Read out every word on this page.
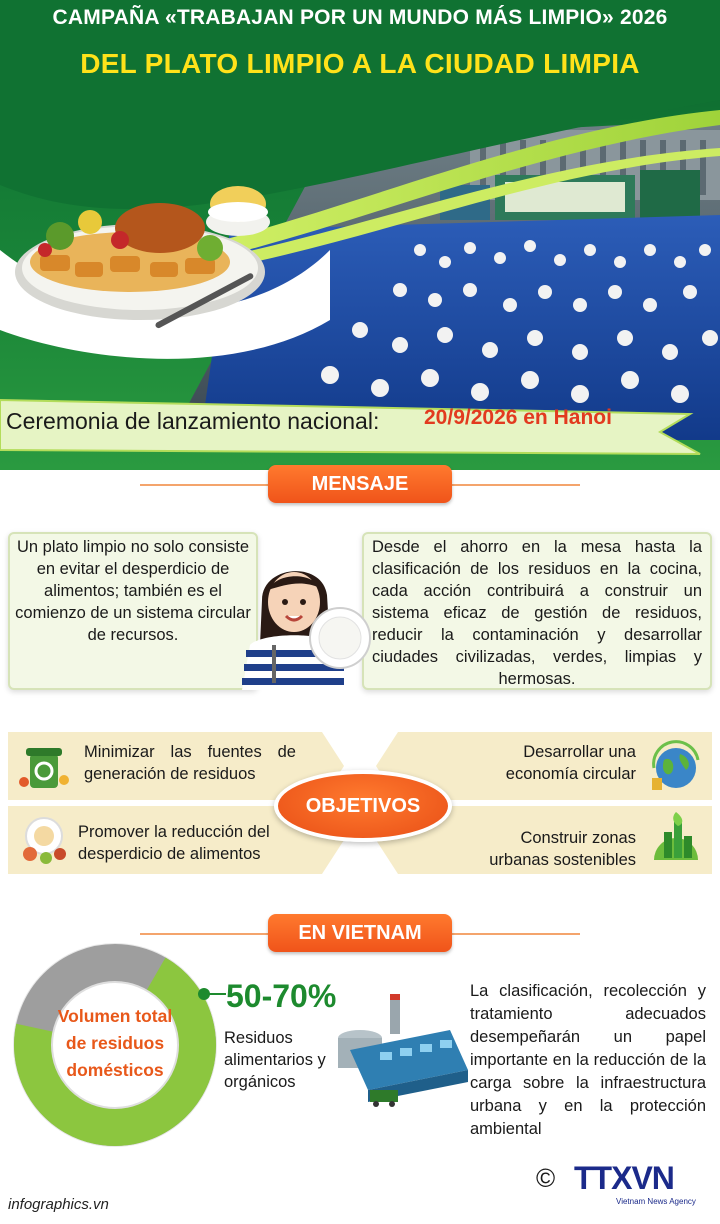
CAMPAÑA «TRABAJAN POR UN MUNDO MÁS LIMPIO» 2026
DEL PLATO LIMPIO A LA CIUDAD LIMPIA
Ceremonia de lanzamiento nacional: 20/9/2026 en Hanoi
MENSAJE
Un plato limpio no solo consiste en evitar el desperdicio de alimentos; también es el comienzo de un sistema circular de recursos.
Desde el ahorro en la mesa hasta la clasificación de los residuos en la cocina, cada acción contribuirá a construir un sistema eficaz de gestión de residuos, reducir la contaminación y desarrollar ciudades civilizadas, verdes, limpias y hermosas.
Minimizar las fuentes de generación de residuos
Desarrollar una economía circular
Promover la reducción del desperdicio de alimentos
Construir zonas urbanas sostenibles
OBJETIVOS
EN VIETNAM
Volumen total de residuos domésticos
50-70%
Residuos alimentarios y orgánicos
La clasificación, recolección y tratamiento adecuados desempeñarán un papel importante en la reducción de la carga sobre la infraestructura urbana y en la protección ambiental
infographics.vn
© TTXVN
Vietnam News Agency
